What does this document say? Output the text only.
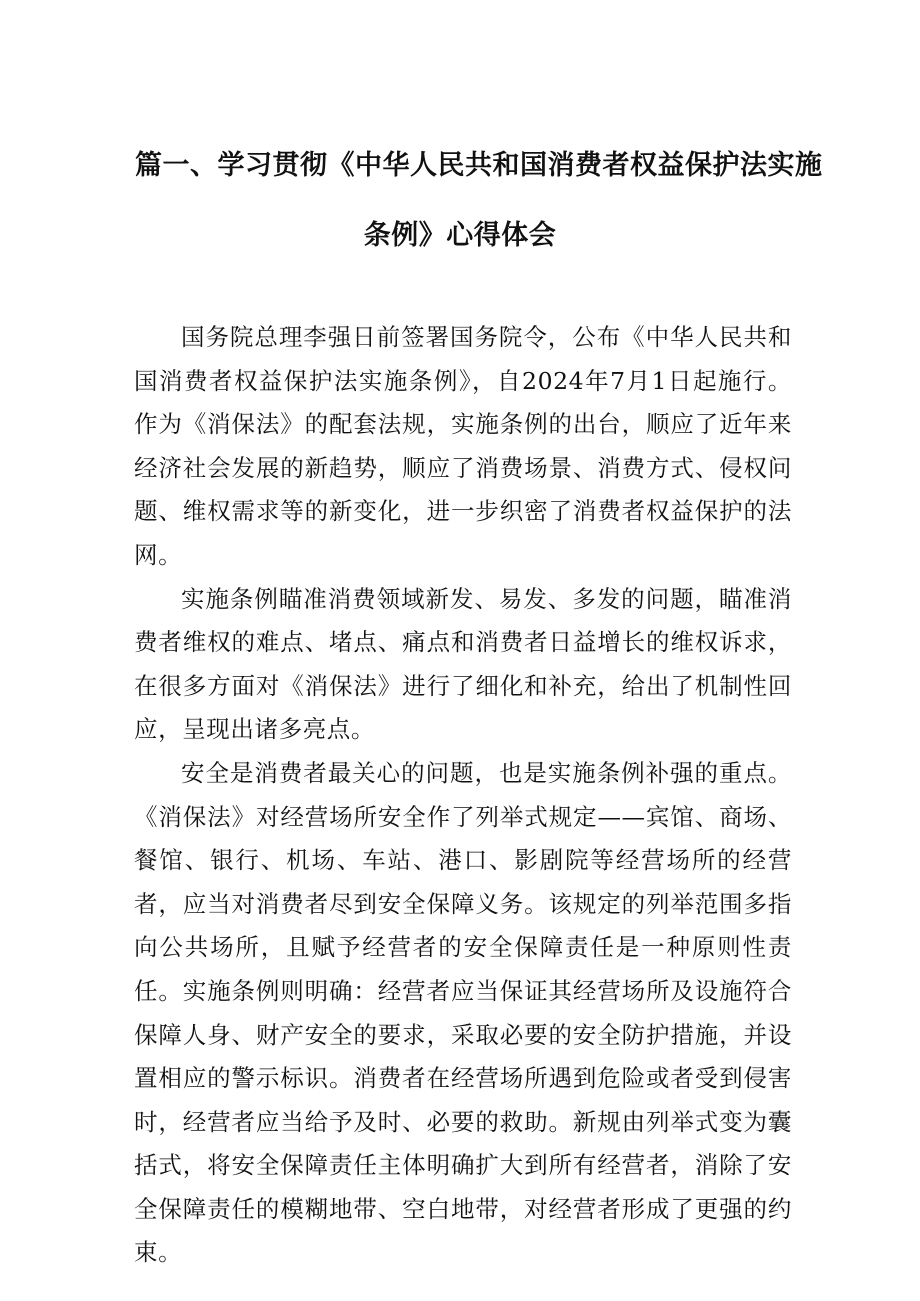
篇一、学习贯彻《中华人民共和国消费者权益保护法实施
条例》心得体会

国务院总理李强日前签署国务院令，公布《中华人民共和国消费者权益保护法实施条例》，自2024年7月1日起施行。作为《消保法》的配套法规，实施条例的出台，顺应了近年来经济社会发展的新趋势，顺应了消费场景、消费方式、侵权问题、维权需求等的新变化，进一步织密了消费者权益保护的法网。

实施条例瞄准消费领域新发、易发、多发的问题，瞄准消费者维权的难点、堵点、痛点和消费者日益增长的维权诉求，在很多方面对《消保法》进行了细化和补充，给出了机制性回应，呈现出诸多亮点。

安全是消费者最关心的问题，也是实施条例补强的重点。《消保法》对经营场所安全作了列举式规定——宾馆、商场、餐馆、银行、机场、车站、港口、影剧院等经营场所的经营者，应当对消费者尽到安全保障义务。该规定的列举范围多指向公共场所，且赋予经营者的安全保障责任是一种原则性责任。实施条例则明确：经营者应当保证其经营场所及设施符合保障人身、财产安全的要求，采取必要的安全防护措施，并设置相应的警示标识。消费者在经营场所遇到危险或者受到侵害时，经营者应当给予及时、必要的救助。新规由列举式变为囊括式，将安全保障责任主体明确扩大到所有经营者，消除了安全保障责任的模糊地带、空白地带，对经营者形成了更强的约束。
